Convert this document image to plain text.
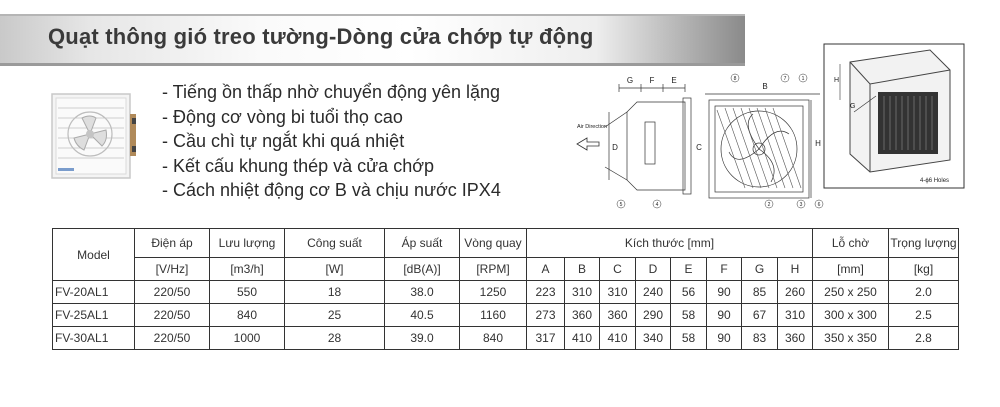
Quạt thông gió treo tường-Dòng cửa chớp tự động
- Tiếng ồn thấp nhờ chuyển động yên lặng
- Động cơ vòng bi tuổi thọ cao
- Cầu chì tự ngắt khi quá nhiệt
- Kết cấu khung thép và cửa chớp
- Cách nhiệt động cơ B và chịu nước IPX4
G F E
B
H
D	C
Air Direction
8	7	1
5	4	2	3	6
H
G
4-ϕ6 Holes
Model	Điện áp	Lưu lượng	Công suất	Áp suất	Vòng quay	Kích thước [mm]								Lỗ chờ	Trọng lượng
	[V/Hz]	[m3/h]	[W]	[dB(A)]	[RPM]	A	B	C	D	E	F	G	H	[mm]	[kg]
FV-20AL1	220/50	550	18	38.0	1250	223	310	310	240	56	90	85	260	250 x 250	2.0
FV-25AL1	220/50	840	25	40.5	1160	273	360	360	290	58	90	67	310	300 x 300	2.5
FV-30AL1	220/50	1000	28	39.0	840	317	410	410	340	58	90	83	360	350 x 350	2.8
